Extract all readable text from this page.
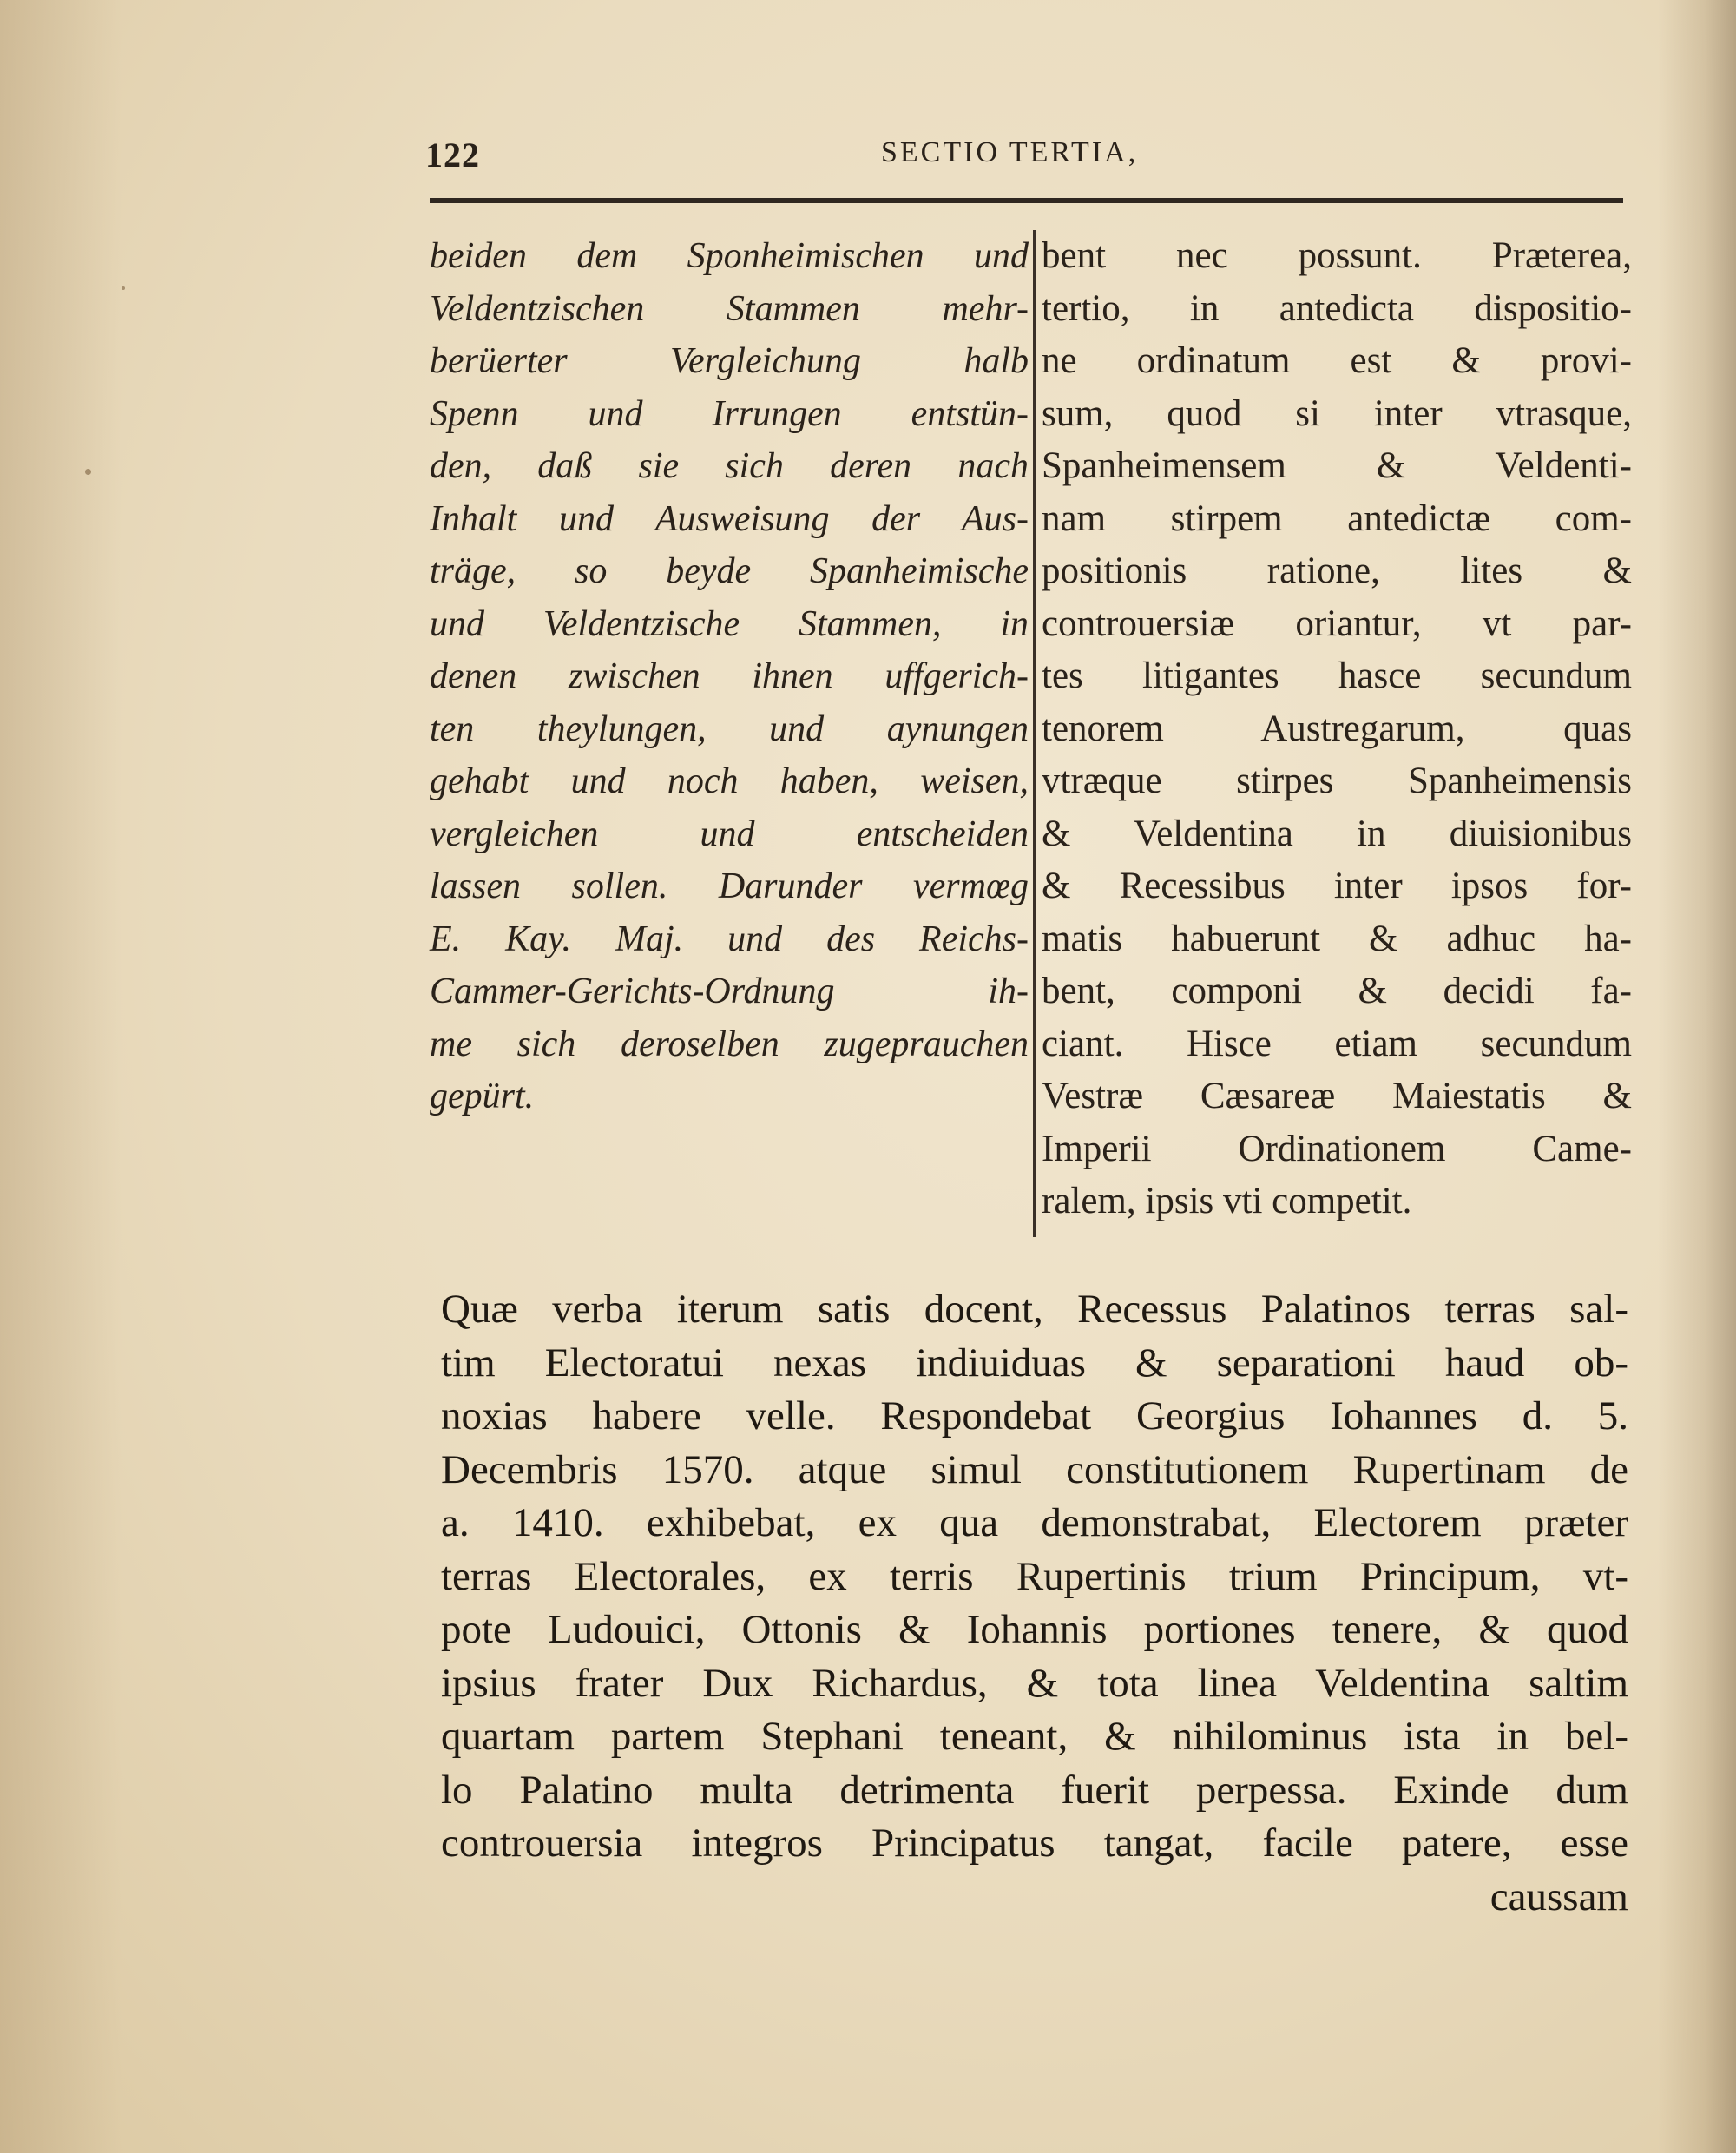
122	SECTIO TERTIA,
beiden dem Sponheimischen und
Veldentzischen Stammen mehr-
berüerter Vergleichung halb
Spenn und Irrungen entstün-
den, daß sie sich deren nach
Inhalt und Ausweisung der Aus-
träge, so beyde Spanheimische
und Veldentzische Stammen, in
denen zwischen ihnen uffgerich-
ten theylungen, und aynungen
gehabt und noch haben, weisen,
vergleichen und entscheiden
lassen sollen. Darunder vermœg
E. Kay. Maj. und des Reichs-
Cammer-Gerichts-Ordnung ih-
me sich deroselben zugeprauchen
gepürt.
bent nec possunt. Præterea,
tertio, in antedicta dispositio-
ne ordinatum est & provi-
sum, quod si inter vtrasque,
Spanheimensem & Veldenti-
nam stirpem antedictæ com-
positionis ratione, lites &
controuersiæ oriantur, vt par-
tes litigantes hasce secundum
tenorem Austregarum, quas
vtræque stirpes Spanheimensis
& Veldentina in diuisionibus
& Recessibus inter ipsos for-
matis habuerunt & adhuc ha-
bent, componi & decidi fa-
ciant. Hisce etiam secundum
Vestræ Cæsareæ Maiestatis &
Imperii Ordinationem Came-
ralem, ipsis vti competit.
Quæ verba iterum satis docent, Recessus Palatinos terras sal-
tim Electoratui nexas indiuiduas & separationi haud ob-
noxias habere velle. Respondebat Georgius Iohannes d. 5.
Decembris 1570. atque simul constitutionem Rupertinam de
a. 1410. exhibebat, ex qua demonstrabat, Electorem præter
terras Electorales, ex terris Rupertinis trium Principum, vt-
pote Ludouici, Ottonis & Iohannis portiones tenere, & quod
ipsius frater Dux Richardus, & tota linea Veldentina saltim
quartam partem Stephani teneant, & nihilominus ista in bel-
lo Palatino multa detrimenta fuerit perpessa. Exinde dum
controuersia integros Principatus tangat, facile patere, esse
caussam
